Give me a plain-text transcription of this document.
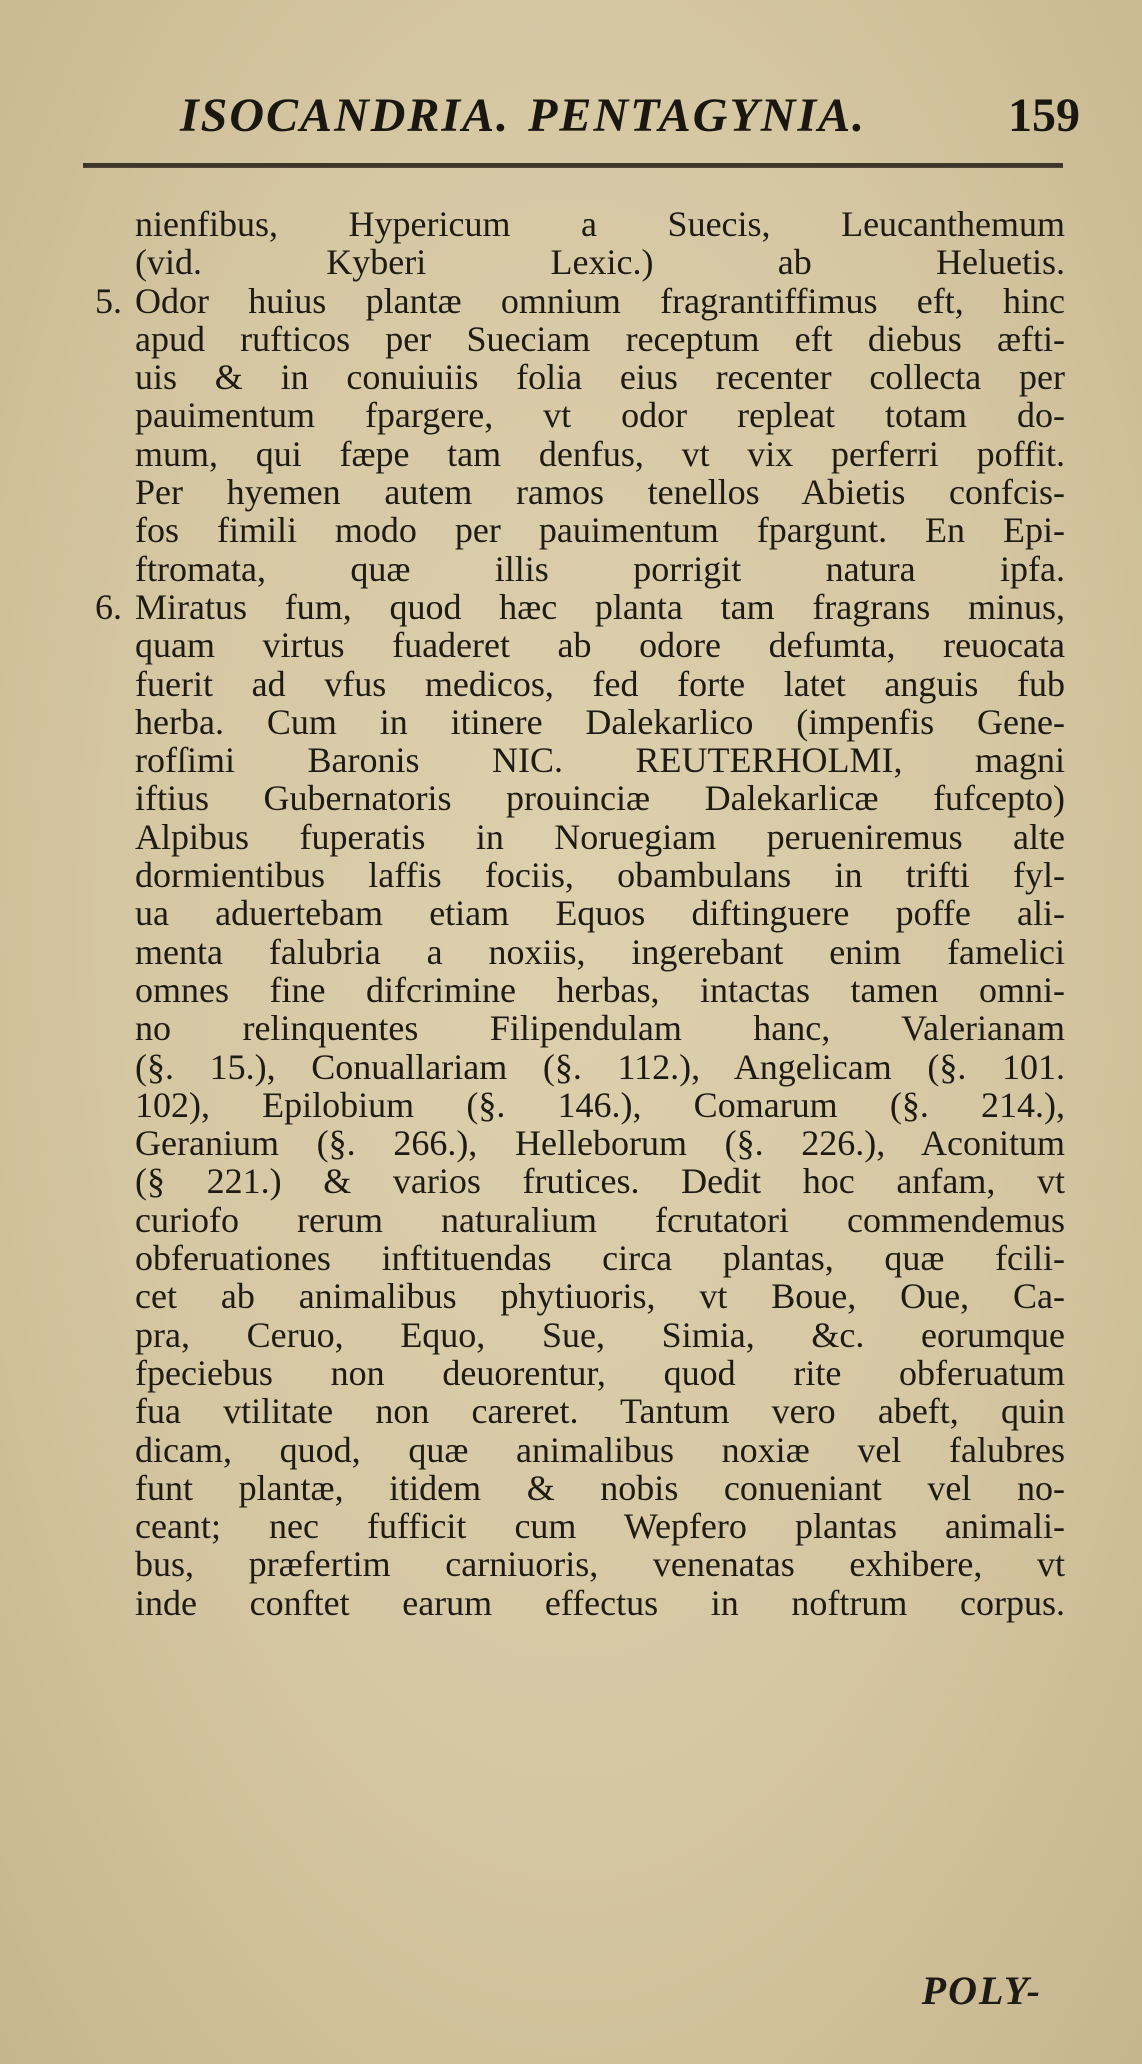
ISOCANDRIA. PENTAGYNIA.	159
nienfibus, Hypericum a Suecis, Leucanthemum
(vid. Kyberi Lexic.) ab Heluetis.
5. Odor huius plantæ omnium fragrantiffimus eft, hinc
apud rufticos per Sueciam receptum eft diebus æfti-
uis & in conuiuiis folia eius recenter collecta per
pauimentum fpargere, vt odor repleat totam do-
mum, qui fæpe tam denfus, vt vix perferri poffit.
Per hyemen autem ramos tenellos Abietis confcis-
fos fimili modo per pauimentum fpargunt. En Epi-
ftromata, quæ illis porrigit natura ipfa.
6. Miratus fum, quod hæc planta tam fragrans minus,
quam virtus fuaderet ab odore defumta, reuocata
fuerit ad vfus medicos, fed forte latet anguis fub
herba. Cum in itinere Dalekarlico (impenfis Gene-
rofſimi Baronis NIC. REUTERHOLMI, magni
iftius Gubernatoris prouinciæ Dalekarlicæ fufcepto)
Alpibus fuperatis in Noruegiam perueniremus alte
dormientibus laffis fociis, obambulans in trifti fyl-
ua aduertebam etiam Equos diftinguere poffe ali-
menta falubria a noxiis, ingerebant enim famelici
omnes fine difcrimine herbas, intactas tamen omni-
no relinquentes Filipendulam hanc, Valerianam
(§. 15.), Conuallariam (§. 112.), Angelicam (§. 101.
102), Epilobium (§. 146.), Comarum (§. 214.),
Geranium (§. 266.), Helleborum (§. 226.), Aconitum
(§ 221.) & varios frutices. Dedit hoc anfam, vt
curiofo rerum naturalium fcrutatori commendemus
obferuationes inftituendas circa plantas, quæ fcili-
cet ab animalibus phytiuoris, vt Boue, Oue, Ca-
pra, Ceruo, Equo, Sue, Simia, &c. eorumque
fpeciebus non deuorentur, quod rite obferuatum
fua vtilitate non careret. Tantum vero abeft, quin
dicam, quod, quæ animalibus noxiæ vel falubres
funt plantæ, itidem & nobis conueniant vel no-
ceant; nec fufficit cum Wepfero plantas animali-
bus, præfertim carniuoris, venenatas exhibere, vt
inde conftet earum effectus in noftrum corpus.
POLY-
